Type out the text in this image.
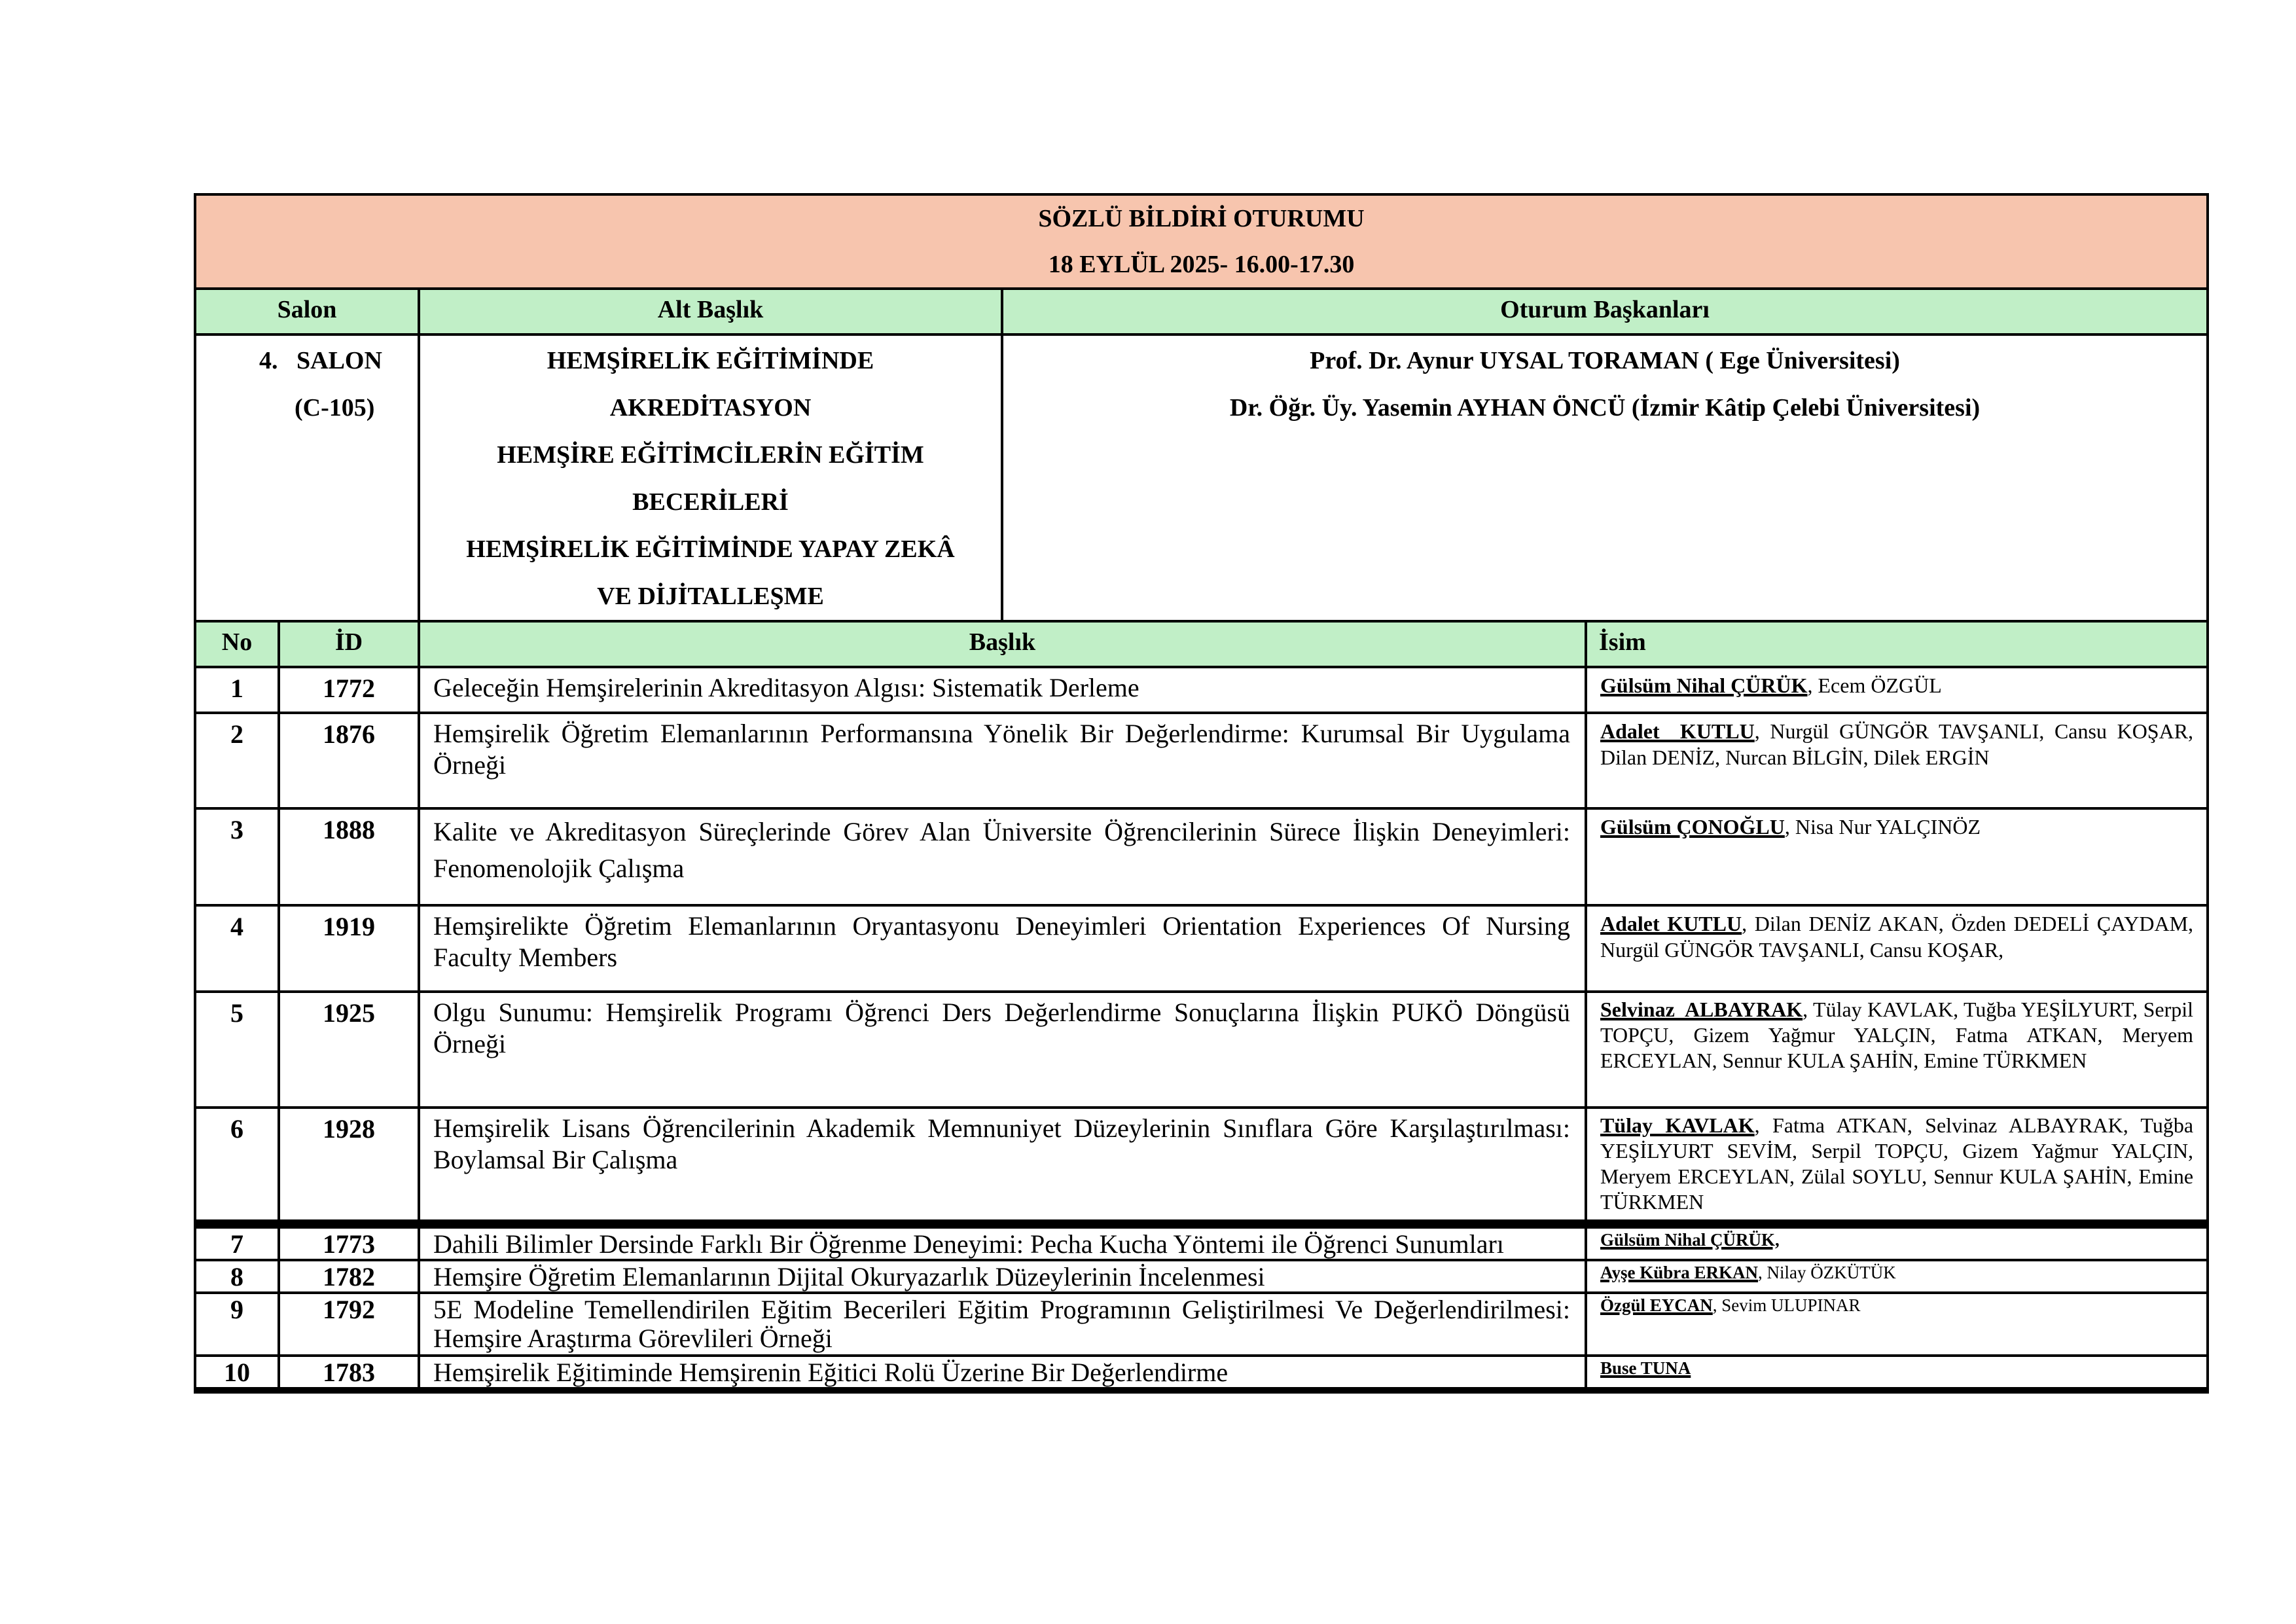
SÖZLÜ BİLDİRİ OTURUMU
18 EYLÜL 2025- 16.00-17.30				

Salon		Alt Başlık	Oturum Başkanları	

4.   SALON
(C-105)

HEMŞİRELİK EĞİTİMİNDE
AKREDİTASYON
HEMŞİRE EĞİTİMCİLERİN EĞİTİM
BECERİLERİ
HEMŞİRELİK EĞİTİMİNDE YAPAY ZEKÂ
VE DİJİTALLEŞME

Prof. Dr. Aynur UYSAL TORAMAN ( Ege Üniversitesi)
Dr. Öğr. Üy. Yasemin AYHAN ÖNCÜ (İzmir Kâtip Çelebi Üniversitesi)

No	İD	Başlık		İsim
1	1772	Geleceğin Hemşirelerinin Akreditasyon Algısı: Sistematik Derleme		Gülsüm Nihal ÇÜRÜK, Ecem ÖZGÜL
2	1876	Hemşirelik Öğretim Elemanlarının Performansına Yönelik Bir Değerlendirme: Kurumsal Bir Uygulama Örneği		Adalet  KUTLU, Nurgül GÜNGÖR TAVŞANLI, Cansu KOŞAR, Dilan DENİZ, Nurcan BİLGİN, Dilek ERGİN
3	1888	Kalite ve Akreditasyon Süreçlerinde Görev Alan Üniversite Öğrencilerinin Sürece İlişkin Deneyimleri: Fenomenolojik Çalışma		Gülsüm ÇONOĞLU, Nisa Nur YALÇINÖZ
4	1919	Hemşirelikte Öğretim Elemanlarının Oryantasyonu Deneyimleri Orientation Experiences Of Nursing Faculty Members		Adalet KUTLU, Dilan DENİZ AKAN, Özden DEDELİ ÇAYDAM, Nurgül GÜNGÖR TAVŞANLI, Cansu KOŞAR,
5	1925	Olgu Sunumu: Hemşirelik Programı Öğrenci Ders Değerlendirme Sonuçlarına İlişkin PUKÖ Döngüsü Örneği		Selvinaz  ALBAYRAK, Tülay KAVLAK, Tuğba YEŞİLYURT, Serpil TOPÇU, Gizem Yağmur YALÇIN, Fatma ATKAN, Meryem ERCEYLAN, Sennur KULA ŞAHİN, Emine TÜRKMEN
6	1928	Hemşirelik Lisans Öğrencilerinin Akademik Memnuniyet Düzeylerinin Sınıflara Göre Karşılaştırılması: Boylamsal Bir Çalışma		Tülay KAVLAK, Fatma ATKAN, Selvinaz ALBAYRAK, Tuğba YEŞİLYURT SEVİM, Serpil TOPÇU, Gizem Yağmur YALÇIN, Meryem ERCEYLAN, Zülal SOYLU, Sennur KULA ŞAHİN, Emine TÜRKMEN

7	1773	Dahili Bilimler Dersinde Farklı Bir Öğrenme Deneyimi: Pecha Kucha Yöntemi ile Öğrenci Sunumları		Gülsüm Nihal ÇÜRÜK,
8	1782	Hemşire Öğretim Elemanlarının Dijital Okuryazarlık Düzeylerinin İncelenmesi		Ayşe Kübra ERKAN, Nilay ÖZKÜTÜK
9	1792	5E Modeline Temellendirilen Eğitim Becerileri Eğitim Programının Geliştirilmesi Ve Değerlendirilmesi: Hemşire Araştırma Görevlileri Örneği		Özgül EYCAN, Sevim ULUPINAR
10	1783	Hemşirelik Eğitiminde Hemşirenin Eğitici Rolü Üzerine Bir Değerlendirme		Buse TUNA
